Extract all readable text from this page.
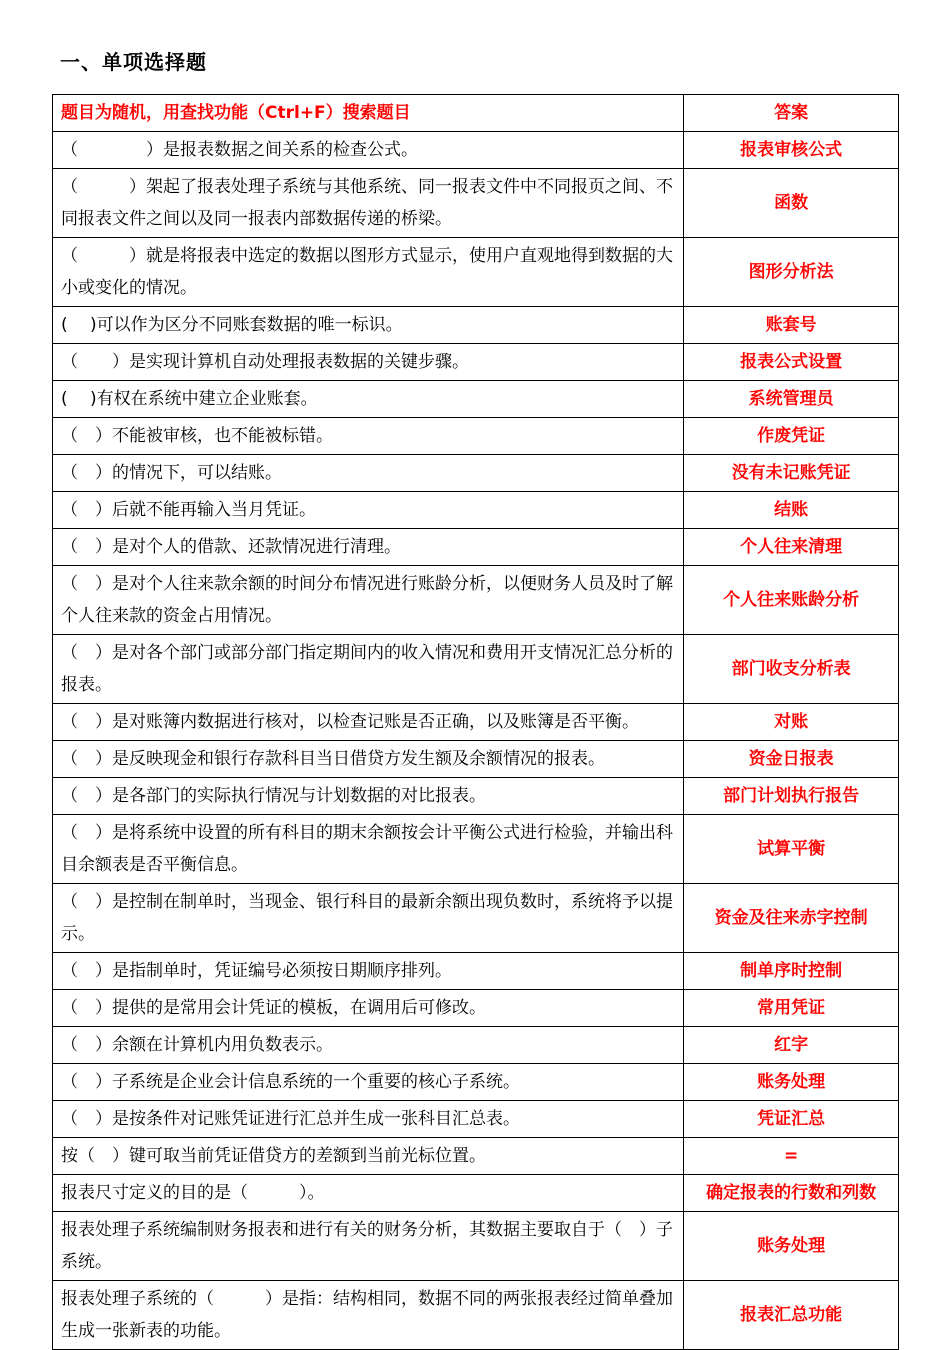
一、单项选择题
题目为随机，用查找功能（Ctrl+F）搜索题目	答案
（　　　　）是报表数据之间关系的检查公式。	报表审核公式
（　　　）架起了报表处理子系统与其他系统、同一报表文件中不同报页之间、不同报表文件之间以及同一报表内部数据传递的桥梁。	函数
（　　　）就是将报表中选定的数据以图形方式显示，使用户直观地得到数据的大小或变化的情况。	图形分析法
(　 )可以作为区分不同账套数据的唯一标识。	账套号
（　　）是实现计算机自动处理报表数据的关键步骤。	报表公式设置
(　 )有权在系统中建立企业账套。	系统管理员
（　）不能被审核，也不能被标错。	作废凭证
（　）的情况下，可以结账。	没有未记账凭证
（　）后就不能再输入当月凭证。	结账
（　）是对个人的借款、还款情况进行清理。	个人往来清理
（　）是对个人往来款余额的时间分布情况进行账龄分析，以便财务人员及时了解个人往来款的资金占用情况。	个人往来账龄分析
（　）是对各个部门或部分部门指定期间内的收入情况和费用开支情况汇总分析的报表。	部门收支分析表
（　）是对账簿内数据进行核对，以检查记账是否正确，以及账簿是否平衡。	对账
（　）是反映现金和银行存款科目当日借贷方发生额及余额情况的报表。	资金日报表
（　）是各部门的实际执行情况与计划数据的对比报表。	部门计划执行报告
（　）是将系统中设置的所有科目的期末余额按会计平衡公式进行检验，并输出科目余额表是否平衡信息。	试算平衡
（　）是控制在制单时，当现金、银行科目的最新余额出现负数时，系统将予以提示。	资金及往来赤字控制
（　）是指制单时，凭证编号必须按日期顺序排列。	制单序时控制
（　）提供的是常用会计凭证的模板，在调用后可修改。	常用凭证
（　）余额在计算机内用负数表示。	红字
（　）子系统是企业会计信息系统的一个重要的核心子系统。	账务处理
（　）是按条件对记账凭证进行汇总并生成一张科目汇总表。	凭证汇总
按（　）键可取当前凭证借贷方的差额到当前光标位置。	=
报表尺寸定义的目的是（　　　）。	确定报表的行数和列数
报表处理子系统编制财务报表和进行有关的财务分析，其数据主要取自于（　）子系统。	账务处理
报表处理子系统的（　　　）是指：结构相同，数据不同的两张报表经过简单叠加生成一张新表的功能。	报表汇总功能
